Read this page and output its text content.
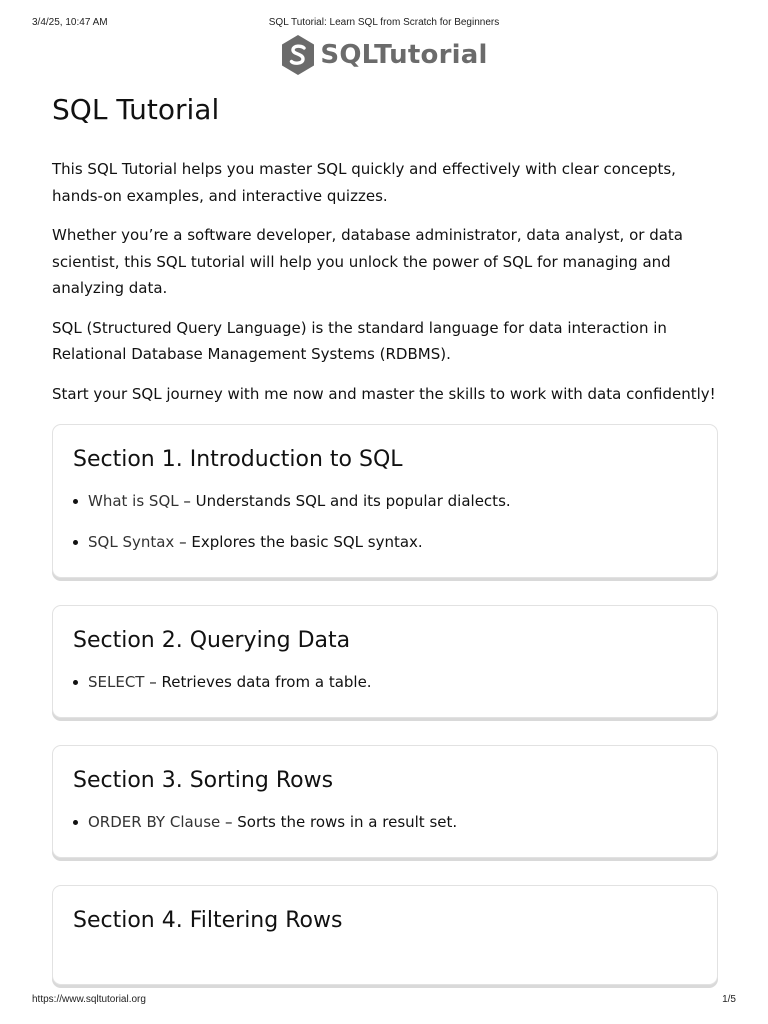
3/4/25, 10:47 AM	SQL Tutorial: Learn SQL from Scratch for Beginners
SQLTutorial
SQL Tutorial

This SQL Tutorial helps you master SQL quickly and effectively with clear concepts, hands-on examples, and interactive quizzes.

Whether you’re a software developer, database administrator, data analyst, or data scientist, this SQL tutorial will help you unlock the power of SQL for managing and analyzing data.

SQL (Structured Query Language) is the standard language for data interaction in Relational Database Management Systems (RDBMS).

Start your SQL journey with me now and master the skills to work with data confidently!

Section 1. Introduction to SQL
What is SQL – Understands SQL and its popular dialects.
SQL Syntax – Explores the basic SQL syntax.
Section 2. Querying Data
SELECT – Retrieves data from a table.
Section 3. Sorting Rows
ORDER BY Clause – Sorts the rows in a result set.
Section 4. Filtering Rows
https://www.sqltutorial.org	1/5
